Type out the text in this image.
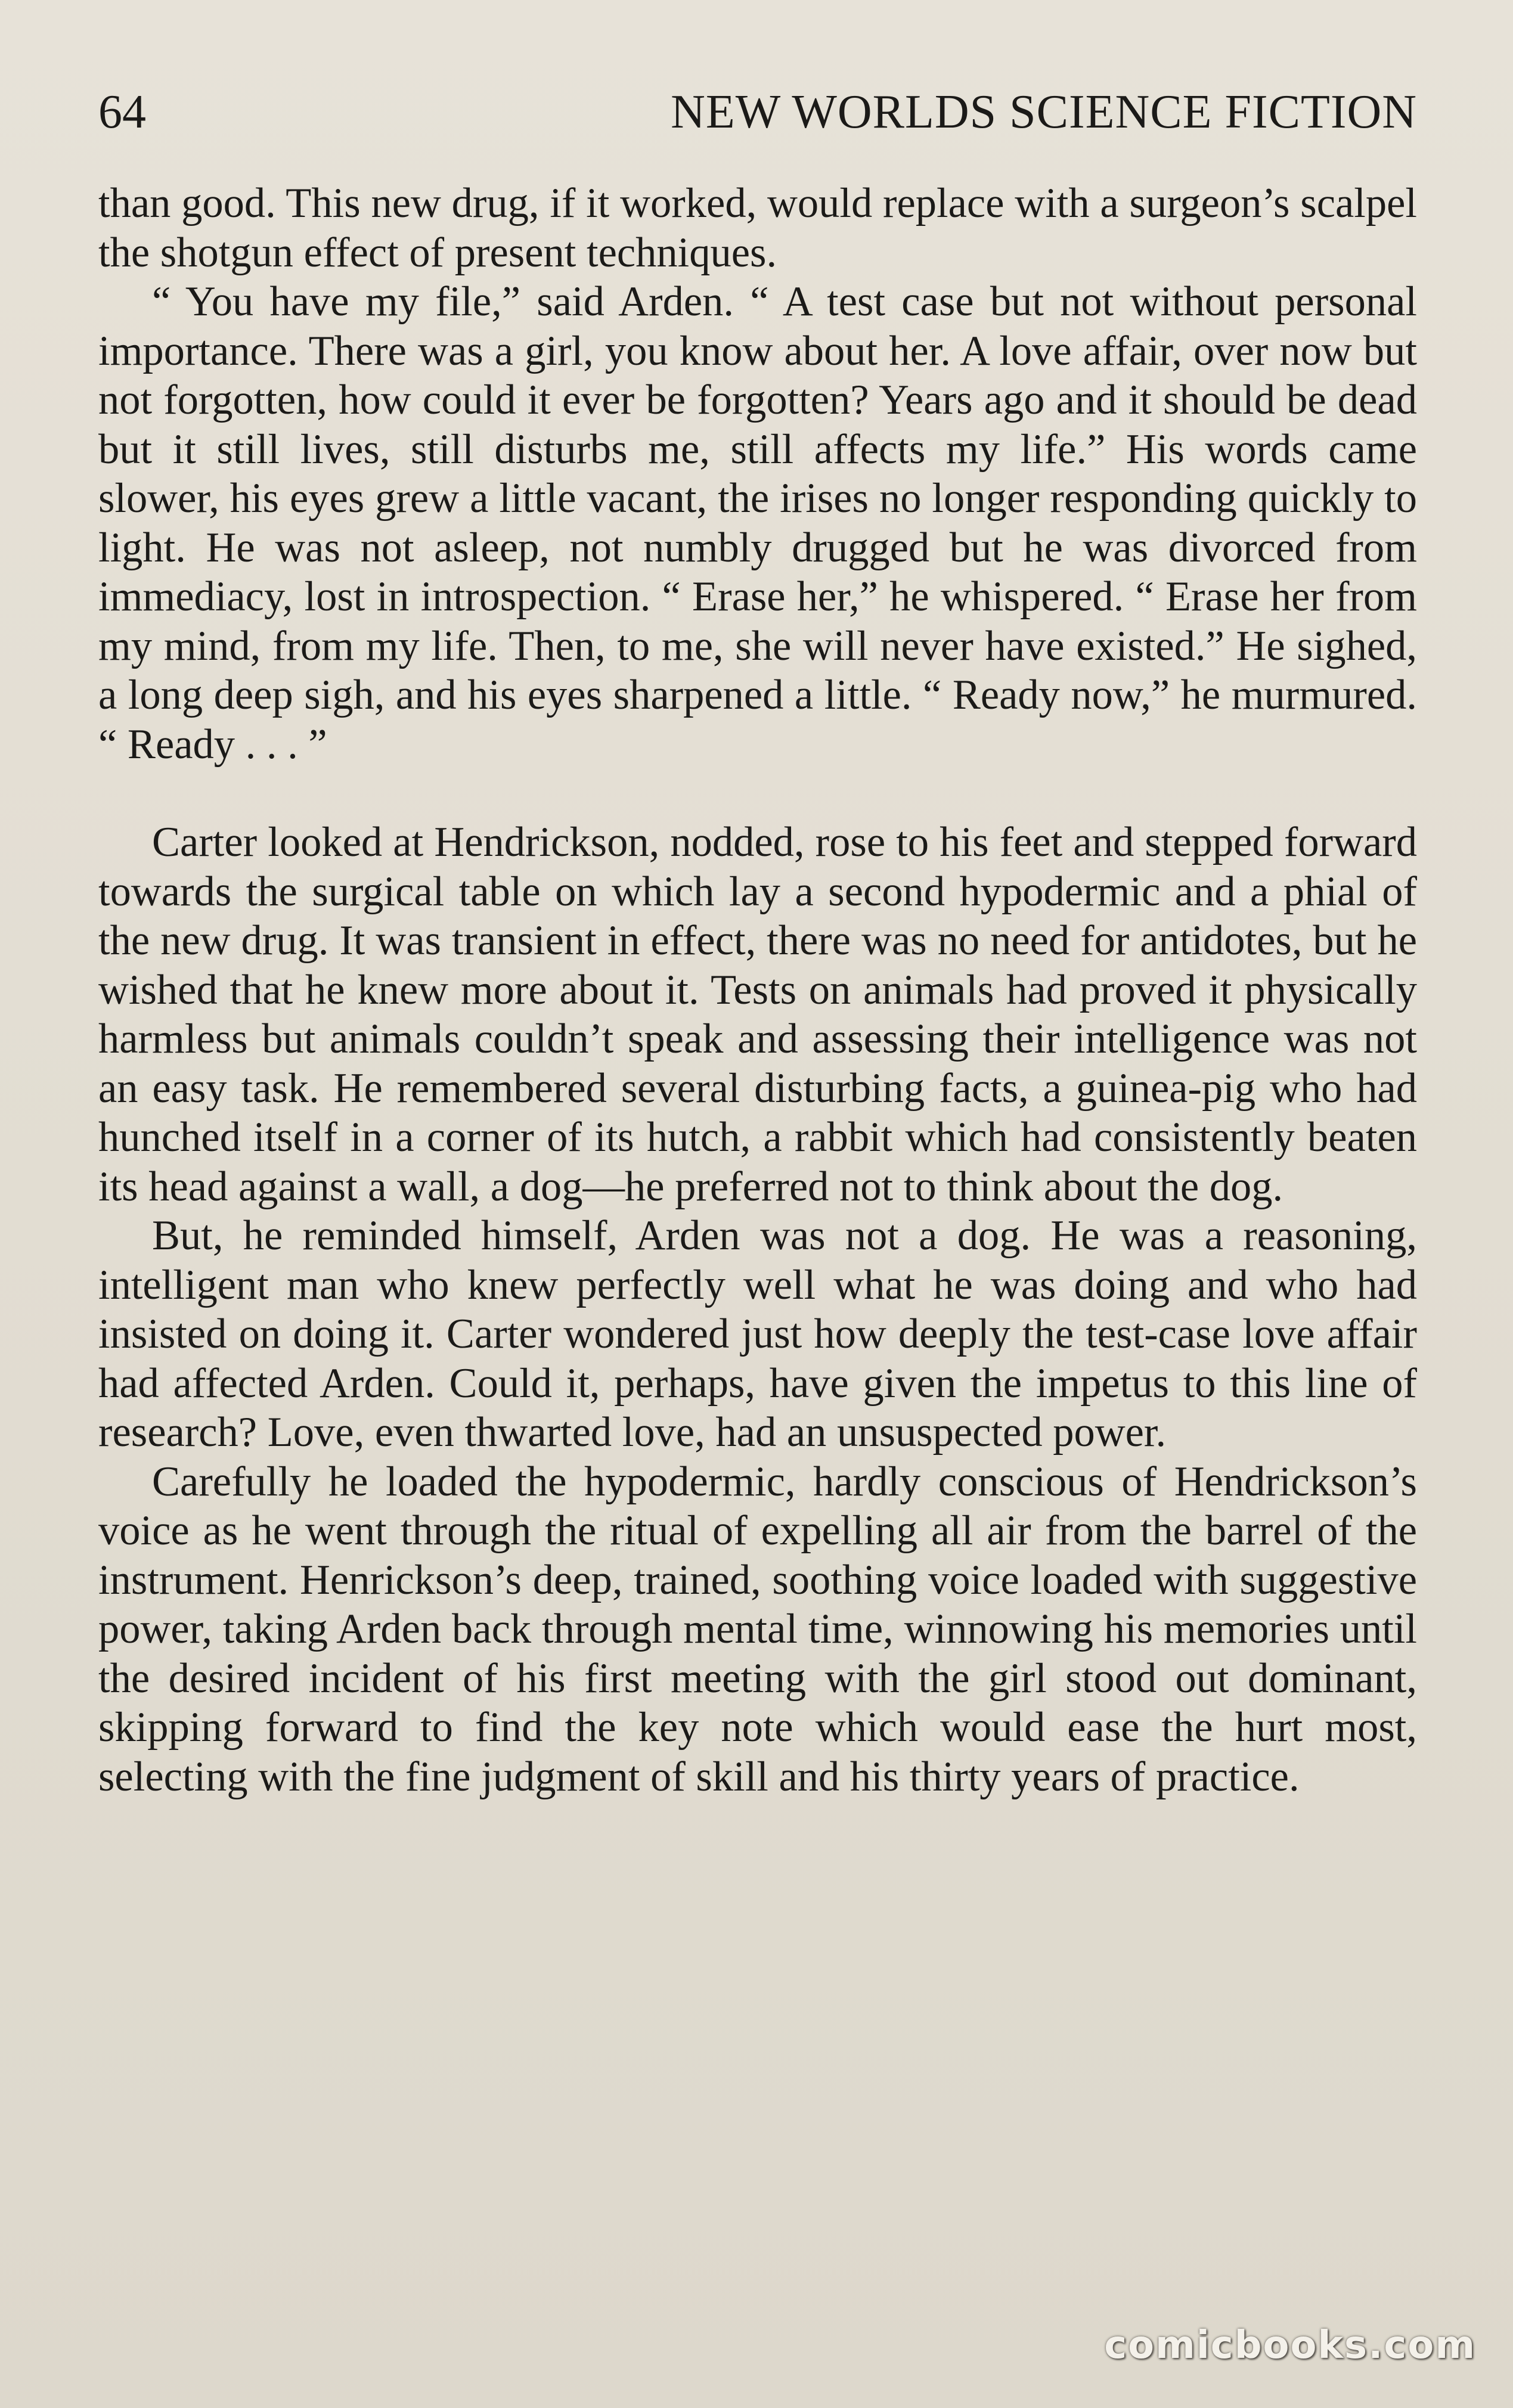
64	NEW WORLDS SCIENCE FICTION

than good. This new drug, if it worked, would replace with a surgeon’s scalpel the shotgun effect of present techniques.

“ You have my file,” said Arden. “ A test case but not without personal importance. There was a girl, you know about her. A love affair, over now but not forgotten, how could it ever be forgotten? Years ago and it should be dead but it still lives, still disturbs me, still affects my life.” His words came slower, his eyes grew a little vacant, the irises no longer responding quickly to light. He was not asleep, not numbly drugged but he was divorced from immediacy, lost in introspection. “ Erase her,” he whispered. “ Erase her from my mind, from my life. Then, to me, she will never have existed.” He sighed, a long deep sigh, and his eyes sharpened a little. “ Ready now,” he murmured. “ Ready . . . ”

Carter looked at Hendrickson, nodded, rose to his feet and stepped forward towards the surgical table on which lay a second hypodermic and a phial of the new drug. It was transient in effect, there was no need for antidotes, but he wished that he knew more about it. Tests on animals had proved it physically harmless but animals couldn’t speak and assessing their intelligence was not an easy task. He remembered several disturbing facts, a guinea-pig who had hunched itself in a corner of its hutch, a rabbit which had consistently beaten its head against a wall, a dog—he preferred not to think about the dog.

But, he reminded himself, Arden was not a dog. He was a reasoning, intelligent man who knew perfectly well what he was doing and who had insisted on doing it. Carter wondered just how deeply the test-case love affair had affected Arden. Could it, perhaps, have given the impetus to this line of research? Love, even thwarted love, had an unsuspected power.

Carefully he loaded the hypodermic, hardly conscious of Hendrickson’s voice as he went through the ritual of expelling all air from the barrel of the instrument. Henrickson’s deep, trained, soothing voice loaded with suggestive power, taking Arden back through mental time, winnowing his memories until the desired incident of his first meeting with the girl stood out dominant, skipping forward to find the key note which would ease the hurt most, selecting with the fine judgment of skill and his thirty years of practice.

comicbooks.com
